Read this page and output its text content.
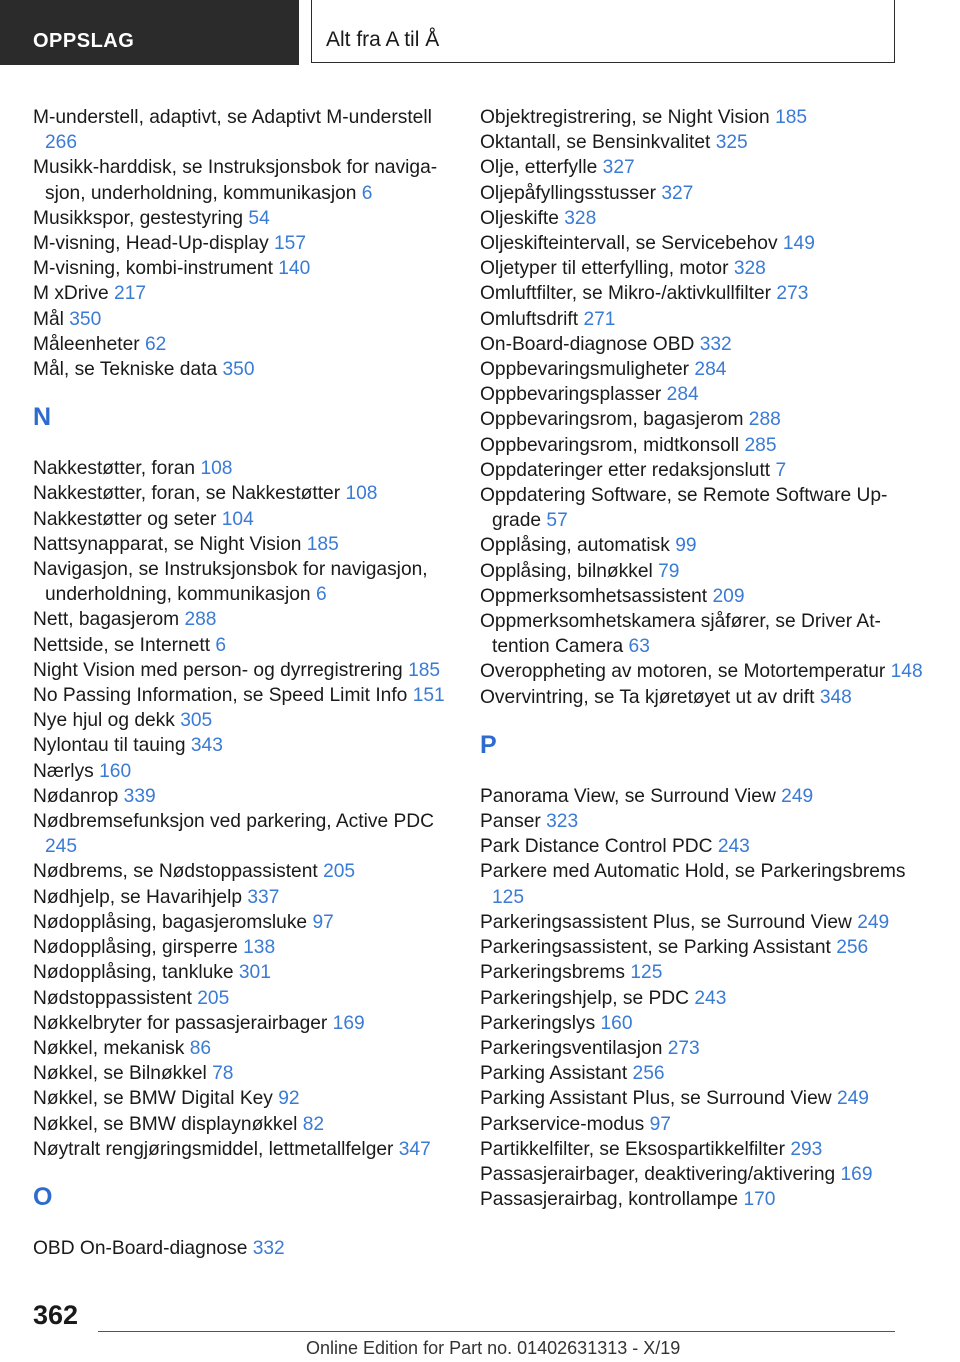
OPPSLAG	Alt fra A til Å

M-understell, adaptivt, se Adaptivt M-understell 266

Musikk-harddisk, se Instruksjonsbok for navigasjon, underholdning, kommunikasjon 6

Musikkspor, gestestyring 54

M-visning, Head-Up-display 157

M-visning, kombi-instrument 140

M xDrive 217

Mål 350

Måleenheter 62

Mål, se Tekniske data 350

N

Nakkestøtter, foran 108

Nakkestøtter, foran, se Nakkestøtter 108

Nakkestøtter og seter 104

Nattsynapparat, se Night Vision 185

Navigasjon, se Instruksjonsbok for navigasjon, underholdning, kommunikasjon 6

Nett, bagasjerom 288

Nettside, se Internett 6

Night Vision med person- og dyrregistrering 185

No Passing Information, se Speed Limit Info 151

Nye hjul og dekk 305

Nylontau til tauing 343

Nærlys 160

Nødanrop 339

Nødbremsefunksjon ved parkering, Active PDC 245

Nødbrems, se Nødstoppassistent 205

Nødhjelp, se Havarihjelp 337

Nødopplåsing, bagasjeromsluke 97

Nødopplåsing, girsperre 138

Nødopplåsing, tankluke 301

Nødstoppassistent 205

Nøkkelbryter for passasjerairbager 169

Nøkkel, mekanisk 86

Nøkkel, se Bilnøkkel 78

Nøkkel, se BMW Digital Key 92

Nøkkel, se BMW displaynøkkel 82

Nøytralt rengjøringsmiddel, lettmetallfelger 347

O

OBD On-Board-diagnose 332

Objektregistrering, se Night Vision 185

Oktantall, se Bensinkvalitet 325

Olje, etterfylle 327

Oljepåfyllingsstusser 327

Oljeskifte 328

Oljeskifteintervall, se Servicebehov 149

Oljetyper til etterfylling, motor 328

Omluftfilter, se Mikro-/aktivkullfilter 273

Omluftsdrift 271

On-Board-diagnose OBD 332

Oppbevaringsmuligheter 284

Oppbevaringsplasser 284

Oppbevaringsrom, bagasjerom 288

Oppbevaringsrom, midtkonsoll 285

Oppdateringer etter redaksjonslutt 7

Oppdatering Software, se Remote Software Upgrade 57

Opplåsing, automatisk 99

Opplåsing, bilnøkkel 79

Oppmerksomhetsassistent 209

Oppmerksomhetskamera sjåfører, se Driver Attention Camera 63

Overoppheting av motoren, se Motortemperatur 148

Overvintring, se Ta kjøretøyet ut av drift 348

P

Panorama View, se Surround View 249

Panser 323

Park Distance Control PDC 243

Parkere med Automatic Hold, se Parkeringsbrems 125

Parkeringsassistent Plus, se Surround View 249

Parkeringsassistent, se Parking Assistant 256

Parkeringsbrems 125

Parkeringshjelp, se PDC 243

Parkeringslys 160

Parkeringsventilasjon 273

Parking Assistant 256

Parking Assistant Plus, se Surround View 249

Parkservice-modus 97

Partikkelfilter, se Eksospartikkelfilter 293

Passasjerairbager, deaktivering/aktivering 169

Passasjerairbag, kontrollampe 170

362
Online Edition for Part no. 01402631313 - X/19
